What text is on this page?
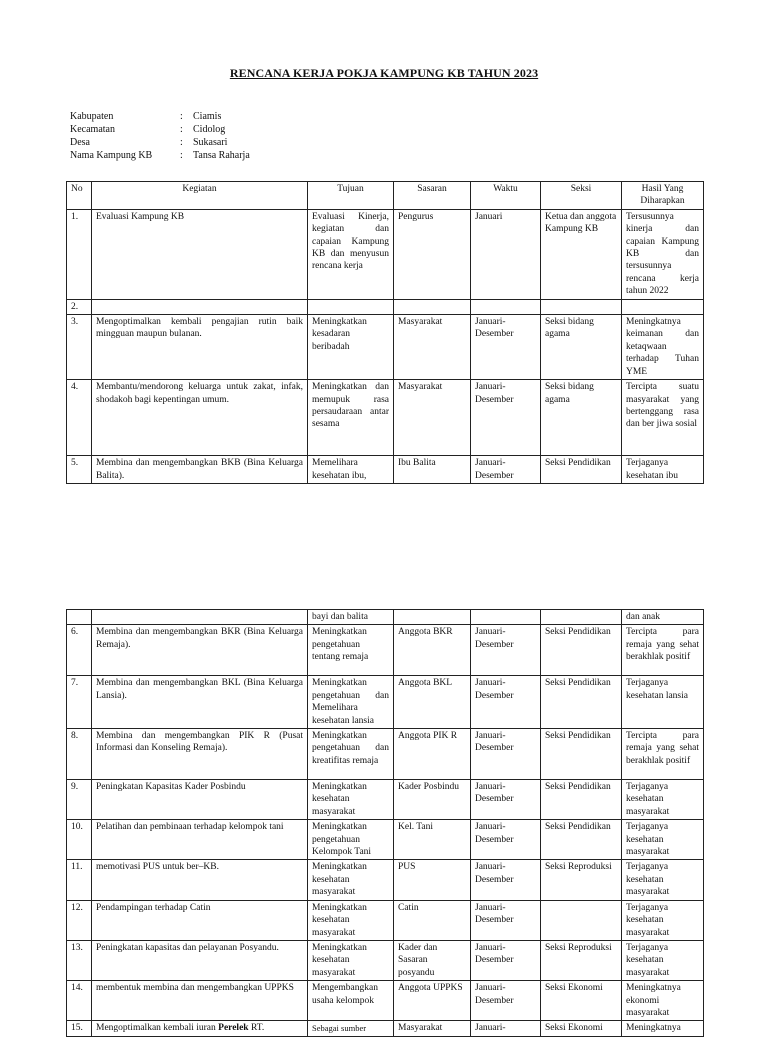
RENCANA KERJA POKJA KAMPUNG KB TAHUN 2023
Kabupaten	:	Ciamis
Kecamatan	:	Cidolog
Desa	:	Sukasari
Nama Kampung KB	:	Tansa Raharja
No	Kegiatan	Tujuan	Sasaran	Waktu	Seksi	Hasil Yang Diharapkan
1.	Evaluasi Kampung KB	Evaluasi Kinerja, kegiatan dan capaian Kampung KB dan menyusun rencana kerja	Pengurus	Januari	Ketua dan anggota Kampung KB	Tersusunnya kinerja dan capaian Kampung KB dan tersusunnya rencana kerja tahun 2022
2.						
3.	Mengoptimalkan kembali pengajian rutin baik mingguan maupun bulanan.	Meningkatkan kesadaran beribadah	Masyarakat	Januari-Desember	Seksi bidang agama	Meningkatnya keimanan dan ketaqwaan terhadap Tuhan YME
4.	Membantu/mendorong keluarga untuk zakat, infak, shodakoh bagi kepentingan umum.	Meningkatkan dan memupuk rasa persaudaraan antar sesama	Masyarakat	Januari-Desember	Seksi bidang agama	Tercipta suatu masyarakat yang bertenggang rasa dan ber jiwa sosial
5.	Membina dan mengembangkan BKB (Bina Keluarga Balita).	Memelihara kesehatan ibu,	Ibu Balita	Januari-Desember	Seksi Pendidikan	Terjaganya kesehatan ibu
		bayi dan balita				dan anak
6.	Membina dan mengembangkan BKR (Bina Keluarga Remaja).	Meningkatkan pengetahuan tentang remaja	Anggota BKR	Januari-Desember	Seksi Pendidikan	Tercipta para remaja yang sehat berakhlak positif
7.	Membina dan mengembangkan BKL (Bina Keluarga Lansia).	Meningkatkan pengetahuan dan Memelihara kesehatan lansia	Anggota BKL	Januari-Desember	Seksi Pendidikan	Terjaganya kesehatan lansia
8.	Membina dan mengembangkan PIK R (Pusat Informasi dan Konseling Remaja).	Meningkatkan pengetahuan dan kreatifitas remaja	Anggota PIK R	Januari-Desember	Seksi Pendidikan	Tercipta para remaja yang sehat berakhlak positif
9.	Peningkatan Kapasitas Kader Posbindu	Meningkatkan kesehatan masyarakat	Kader Posbindu	Januari-Desember	Seksi Pendidikan	Terjaganya kesehatan masyarakat
10.	Pelatihan dan pembinaan terhadap kelompok tani	Meningkatkan pengetahuan Kelompok Tani	Kel. Tani	Januari-Desember	Seksi Pendidikan	Terjaganya kesehatan masyarakat
11.	memotivasi PUS untuk ber–KB.	Meningkatkan kesehatan masyarakat	PUS	Januari-Desember	Seksi Reproduksi	Terjaganya kesehatan masyarakat
12.	Pendampingan terhadap Catin	Meningkatkan kesehatan masyarakat	Catin	Januari-Desember		Terjaganya kesehatan masyarakat
13.	Peningkatan kapasitas dan pelayanan Posyandu.	Meningkatkan kesehatan masyarakat	Kader dan Sasaran posyandu	Januari-Desember	Seksi Reproduksi	Terjaganya kesehatan masyarakat
14.	membentuk membina dan mengembangkan UPPKS	Mengembangkan usaha kelompok	Anggota UPPKS	Januari-Desember	Seksi Ekonomi	Meningkatnya ekonomi masyarakat
15.	Mengoptimalkan kembali iuran Perelek RT.	Sebagai sumber	Masyarakat	Januari-	Seksi Ekonomi	Meningkatnya
